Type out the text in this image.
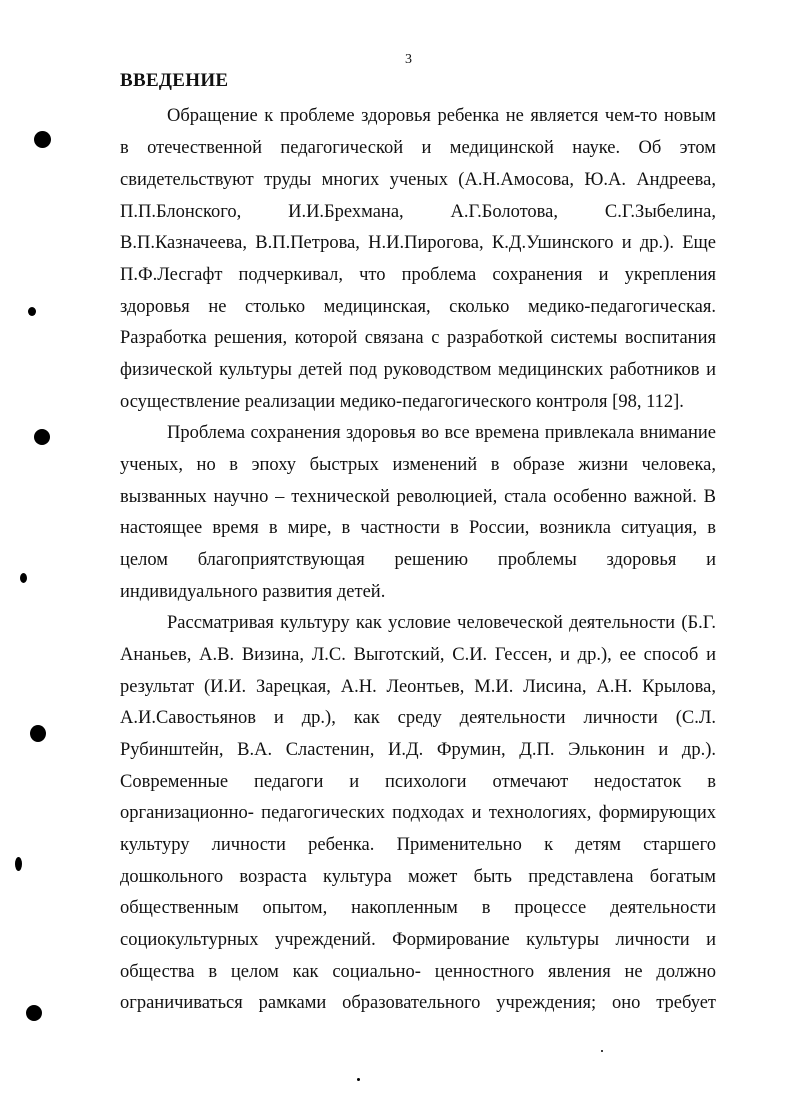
3
ВВЕДЕНИЕ
Обращение к проблеме здоровья ребенка не является чем-то новым
в отечественной педагогической и медицинской науке. Об этом
свидетельствуют труды многих ученых (А.Н.Амосова, Ю.А. Андреева,
П.П.Блонского, И.И.Брехмана, А.Г.Болотова, С.Г.Зыбелина,
В.П.Казначеева, В.П.Петрова, Н.И.Пирогова, К.Д.Ушинского и др.). Еще
П.Ф.Лесгафт подчеркивал, что проблема сохранения и укрепления
здоровья не столько медицинская, сколько медико-педагогическая.
Разработка решения, которой связана с разработкой системы воспитания
физической культуры детей под руководством медицинских работников и
осуществление реализации медико-педагогического контроля [98, 112].
Проблема сохранения здоровья во все времена привлекала внимание
ученых, но в эпоху быстрых изменений в образе жизни человека,
вызванных научно – технической революцией, стала особенно важной. В
настоящее время в мире, в частности в России, возникла ситуация, в
целом благоприятствующая решению проблемы здоровья и
индивидуального развития детей.
Рассматривая культуру как условие человеческой деятельности (Б.Г.
Ананьев, А.В. Визина, Л.С. Выготский, С.И. Гессен, и др.), ее способ и
результат (И.И. Зарецкая, А.Н. Леонтьев, М.И. Лисина, А.Н. Крылова,
А.И.Савостьянов и др.), как среду деятельности личности (С.Л.
Рубинштейн, В.А. Сластенин, И.Д. Фрумин, Д.П. Эльконин и др.).
Современные педагоги и психологи отмечают недостаток в
организационно- педагогических подходах и технологиях, формирующих
культуру личности ребенка. Применительно к детям старшего
дошкольного возраста культура может быть представлена богатым
общественным опытом, накопленным в процессе деятельности
социокультурных учреждений. Формирование культуры личности и
общества в целом как социально- ценностного явления не должно
ограничиваться рамками образовательного учреждения; оно требует
